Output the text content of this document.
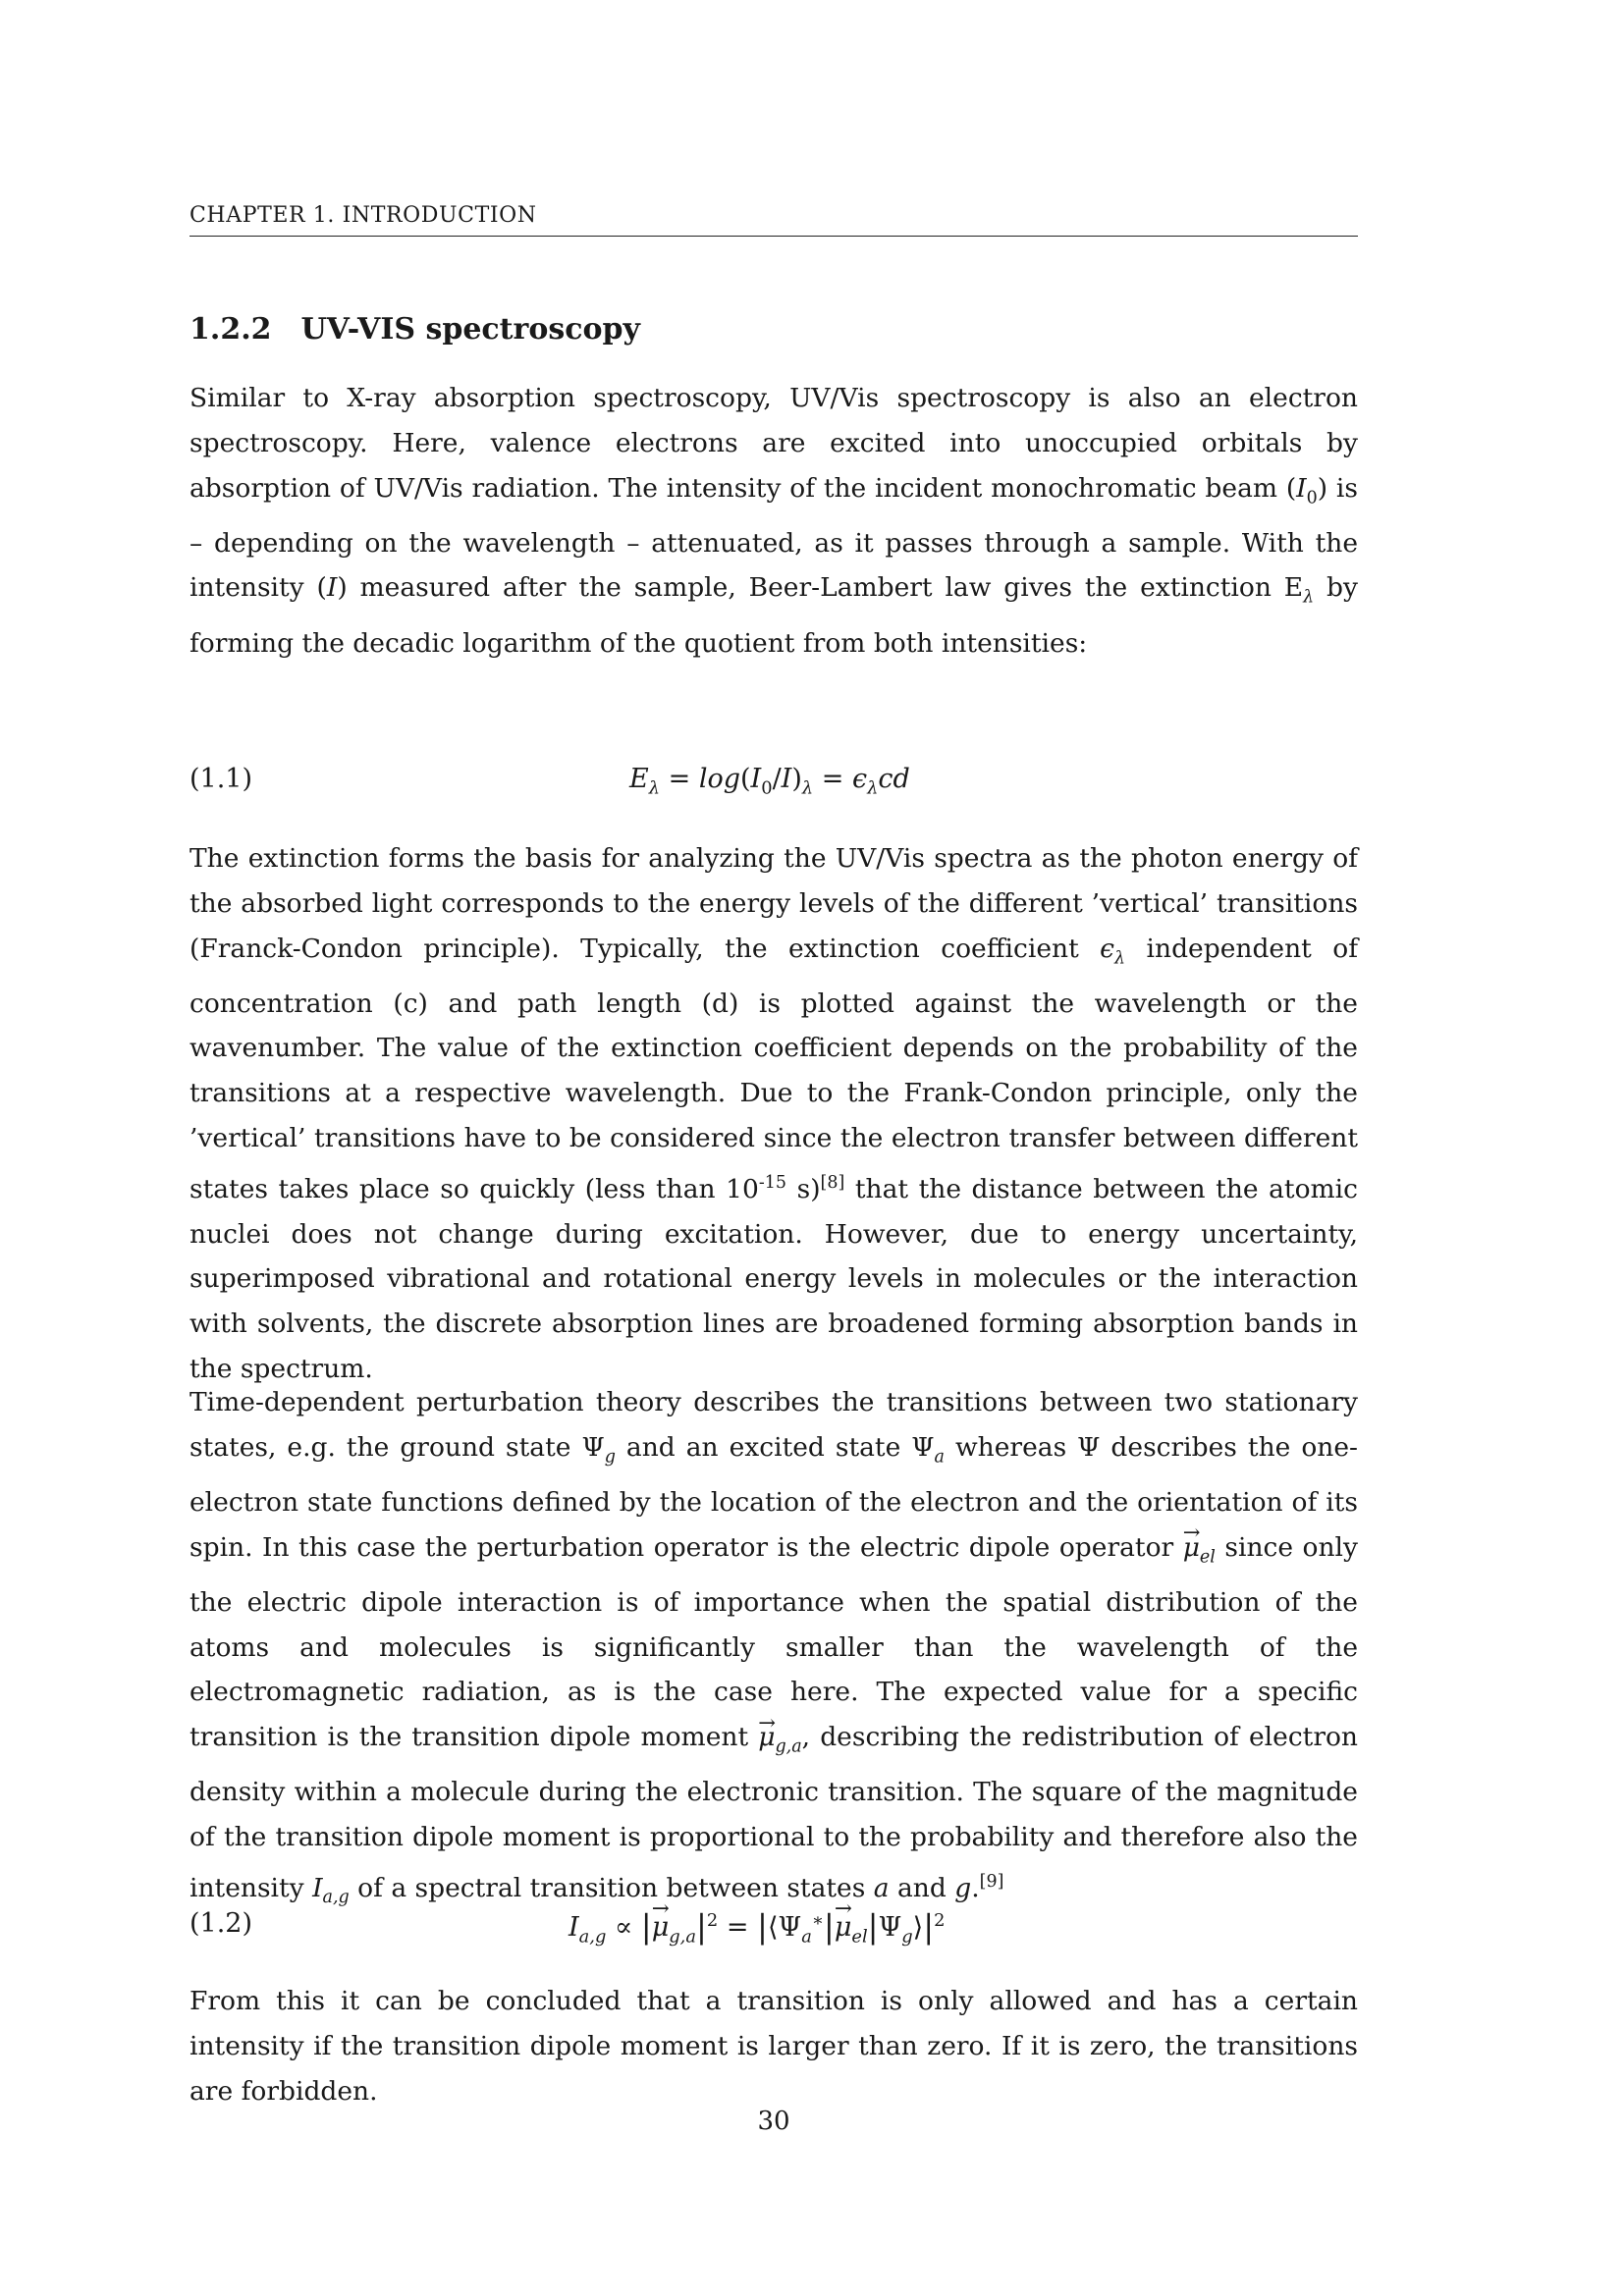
CHAPTER 1. INTRODUCTION
1.2.2 UV-VIS spectroscopy

Similar to X-ray absorption spectroscopy, UV/Vis spectroscopy is also an electron spectroscopy. Here, valence electrons are excited into unoccupied orbitals by absorption of UV/Vis radiation. The intensity of the incident monochromatic beam $(I_0)$ is – depending on the wavelength – attenuated, as it passes through a sample. With the intensity (I) measured after the sample, Beer-Lambert law gives the extinction $E_\lambda$ by forming the decadic logarithm of the quotient from both intensities:

(1.1)	$E_\lambda = \log(I_0/I)_\lambda = \epsilon_\lambda cd$

The extinction forms the basis for analyzing the UV/Vis spectra as the photon energy of the absorbed light corresponds to the energy levels of the different ’vertical’ transitions (Franck-Condon principle). Typically, the extinction coefficient $\epsilon_\lambda$ independent of concentration (c) and path length (d) is plotted against the wavelength or the wavenumber. The value of the extinction coefficient depends on the probability of the transitions at a respective wavelength. Due to the Frank-Condon principle, only the ’vertical’ transitions have to be considered since the electron transfer between different states takes place so quickly (less than $10^{-15}$ s)[8] that the distance between the atomic nuclei does not change during excitation. However, due to energy uncertainty, superimposed vibrational and rotational energy levels in molecules or the interaction with solvents, the discrete absorption lines are broadened forming absorption bands in the spectrum.

Time-dependent perturbation theory describes the transitions between two stationary states, e.g. the ground state $\Psi_g$ and an excited state $\Psi_a$ whereas Ψ describes the one-electron state functions defined by the location of the electron and the orientation of its spin. In this case the perturbation operator is the electric dipole operator → $\mu_{el}$ since only the electric dipole interaction is of importance when the spatial distribution of the atoms and molecules is significantly smaller than the wavelength of the electromagnetic radiation, as is the case here. The expected value for a specific transition is the transition dipole moment → $\mu_{g,a}$, describing the redistribution of electron density within a molecule during the electronic transition. The square of the magnitude of the transition dipole moment is proportional to the probability and therefore also the intensity $I_{a,g}$ of a spectral transition between states a and g.[9]

(1.2)	$I_{a,g}$ ∝ |→ $\mu_{g,a}|^2$ = $|⟨\Psi_a^∗|\to$ $\mu_{el}|\Psi_g⟩|^2$

From this it can be concluded that a transition is only allowed and has a certain intensity if the transition dipole moment is larger than zero. If it is zero, the transitions are forbidden.

30
